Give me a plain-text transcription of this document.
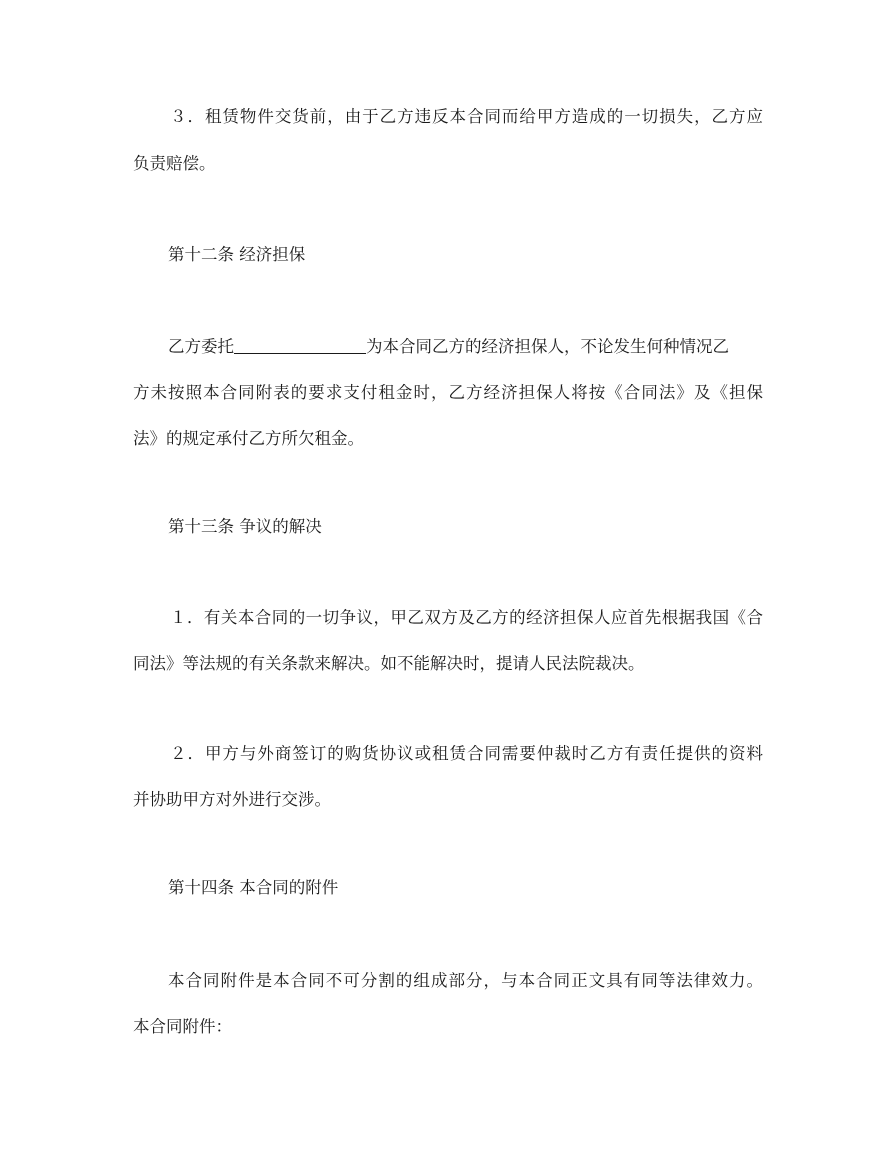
３．租赁物件交货前，由于乙方违反本合同而给甲方造成的一切损失，乙方应
负责赔偿。
第十二条 经济担保
乙方委托	为本合同乙方的经济担保人，不论发生何种情况乙
方未按照本合同附表的要求支付租金时，乙方经济担保人将按《合同法》及《担保
法》的规定承付乙方所欠租金。
第十三条 争议的解决
１．有关本合同的一切争议，甲乙双方及乙方的经济担保人应首先根据我国《合
同法》等法规的有关条款来解决。如不能解决时，提请人民法院裁决。
２．甲方与外商签订的购货协议或租赁合同需要仲裁时乙方有责任提供的资料
并协助甲方对外进行交涉。
第十四条 本合同的附件
本合同附件是本合同不可分割的组成部分，与本合同正文具有同等法律效力。
本合同附件：
